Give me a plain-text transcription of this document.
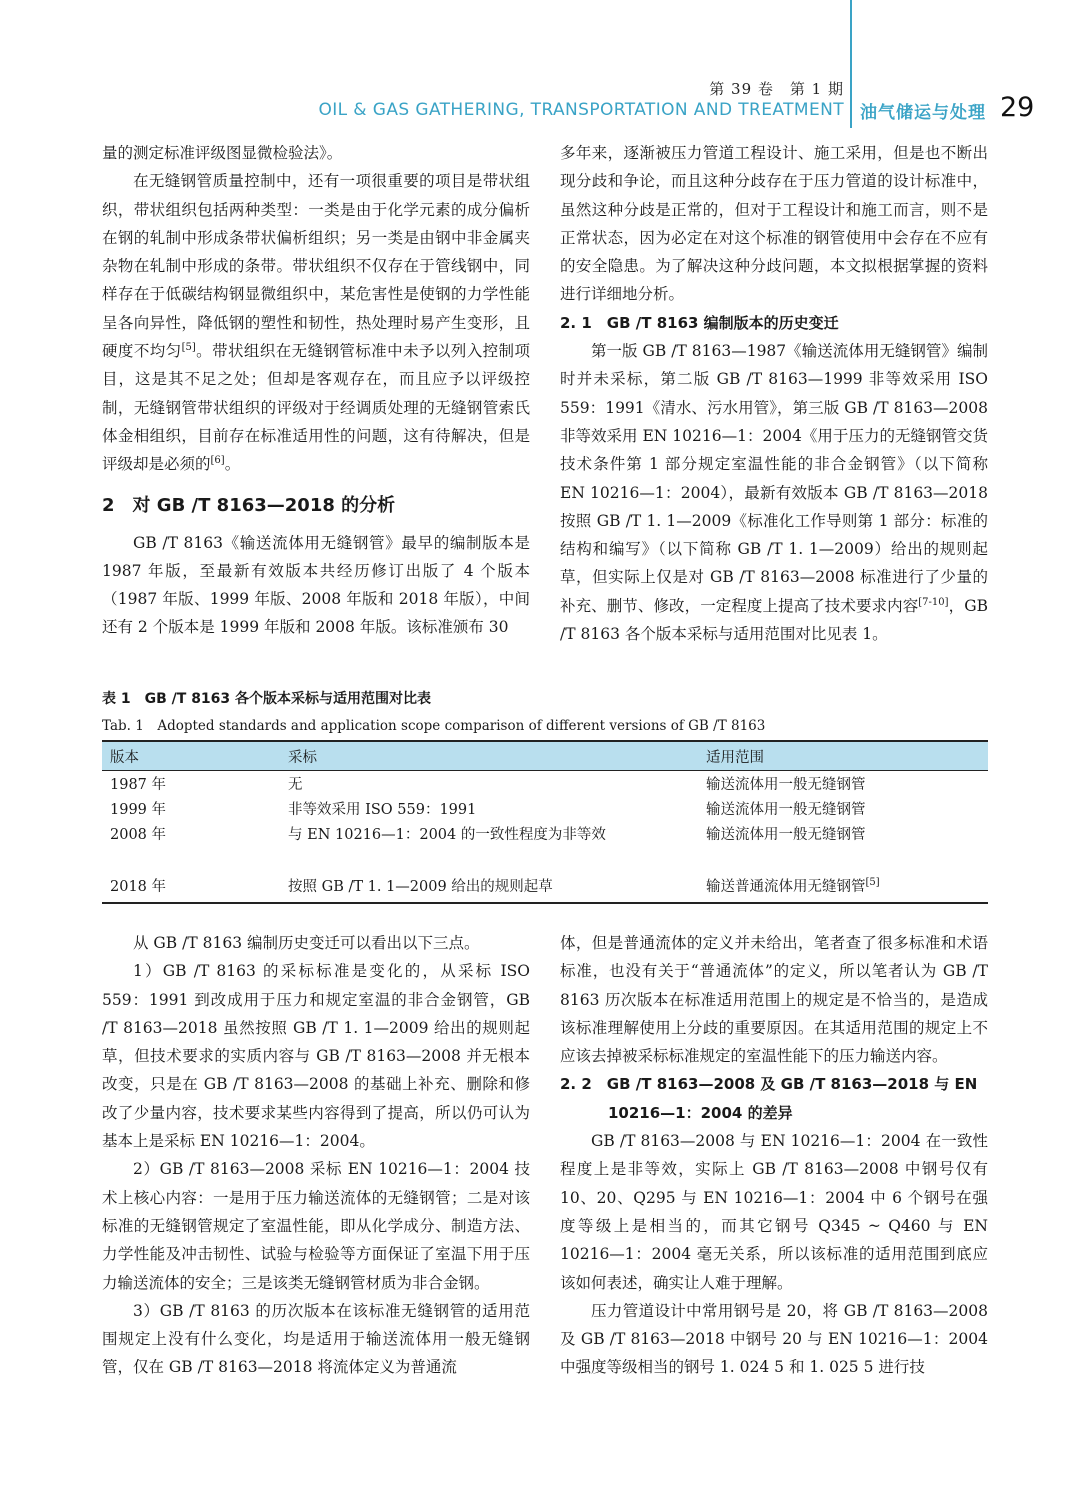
第 39 卷　第 1 期
OIL & GAS GATHERING, TRANSPORTATION AND TREATMENT 油气储运与处理 29

量的测定标准评级图显微检验法》。

在无缝钢管质量控制中，还有一项很重要的项目是带状组织，带状组织包括两种类型：一类是由于化学元素的成分偏析在钢的轧制中形成条带状偏析组织；另一类是由钢中非金属夹杂物在轧制中形成的条带。带状组织不仅存在于管线钢中，同样存在于低碳结构钢显微组织中，某危害性是使钢的力学性能呈各向异性，降低钢的塑性和韧性，热处理时易产生变形，且硬度不均匀[5]。带状组织在无缝钢管标准中未予以列入控制项目，这是其不足之处；但却是客观存在，而且应予以评级控制，无缝钢管带状组织的评级对于经调质处理的无缝钢管索氏体金相组织，目前存在标准适用性的问题，这有待解决，但是评级却是必须的[6]。

2　对 GB /T 8163—2018 的分析

GB /T 8163《输送流体用无缝钢管》最早的编制版本是 1987 年版，至最新有效版本共经历修订出版了 4 个版本（1987 年版、1999 年版、2008 年版和 2018 年版），中间还有 2 个版本是 1999 年版和 2008 年版。该标准颁布 30

多年来，逐渐被压力管道工程设计、施工采用，但是也不断出现分歧和争论，而且这种分歧存在于压力管道的设计标准中，虽然这种分歧是正常的，但对于工程设计和施工而言，则不是正常状态，因为必定在对这个标准的钢管使用中会存在不应有的安全隐患。为了解决这种分歧问题，本文拟根据掌握的资料进行详细地分析。

2. 1　GB /T 8163 编制版本的历史变迁

第一版 GB /T 8163—1987《输送流体用无缝钢管》编制时并未采标，第二版 GB /T 8163—1999 非等效采用 ISO 559：1991《清水、污水用管》，第三版 GB /T 8163—2008 非等效采用 EN 10216—1：2004《用于压力的无缝钢管交货技术条件第 1 部分规定室温性能的非合金钢管》（以下简称 EN 10216—1：2004），最新有效版本 GB /T 8163—2018 按照 GB /T 1. 1—2009《标准化工作导则第 1 部分：标准的结构和编写》（以下简称 GB /T 1. 1—2009）给出的规则起草，但实际上仅是对 GB /T 8163—2008 标准进行了少量的补充、删节、修改，一定程度上提高了技术要求内容[7-10]，GB /T 8163 各个版本采标与适用范围对比见表 1。

表 1　GB /T 8163 各个版本采标与适用范围对比表
Tab. 1　Adopted standards and application scope comparison of different versions of GB /T 8163
版本	采标	适用范围
1987 年	无	输送流体用一般无缝钢管
1999 年	非等效采用 ISO 559：1991	输送流体用一般无缝钢管
2008 年	与 EN 10216—1：2004 的一致性程度为非等效	输送流体用一般无缝钢管
2018 年	按照 GB /T 1. 1—2009 给出的规则起草	输送普通流体用无缝钢管[5]

从 GB /T 8163 编制历史变迁可以看出以下三点。

1）GB /T 8163 的采标标准是变化的，从采标 ISO 559：1991 到改成用于压力和规定室温的非合金钢管，GB /T 8163—2018 虽然按照 GB /T 1. 1—2009 给出的规则起草，但技术要求的实质内容与 GB /T 8163—2008 并无根本改变，只是在 GB /T 8163—2008 的基础上补充、删除和修改了少量内容，技术要求某些内容得到了提高，所以仍可认为基本上是采标 EN 10216—1：2004。

2）GB /T 8163—2008 采标 EN 10216—1：2004 技术上核心内容：一是用于压力输送流体的无缝钢管；二是对该标准的无缝钢管规定了室温性能，即从化学成分、制造方法、力学性能及冲击韧性、试验与检验等方面保证了室温下用于压力输送流体的安全；三是该类无缝钢管材质为非合金钢。

3）GB /T 8163 的历次版本在该标准无缝钢管的适用范围规定上没有什么变化，均是适用于输送流体用一般无缝钢管，仅在 GB /T 8163—2018 将流体定义为普通流

体，但是普通流体的定义并未给出，笔者查了很多标准和术语标准，也没有关于“普通流体”的定义，所以笔者认为 GB /T 8163 历次版本在标准适用范围上的规定是不恰当的，是造成该标准理解使用上分歧的重要原因。在其适用范围的规定上不应该去掉被采标标准规定的室温性能下的压力输送内容。

2. 2　GB /T 8163—2008 及 GB /T 8163—2018 与 EN

10216—1：2004 的差异

GB /T 8163—2008 与 EN 10216—1：2004 在一致性程度上是非等效，实际上 GB /T 8163—2008 中钢号仅有 10、20、Q295 与 EN 10216—1：2004 中 6 个钢号在强度等级上是相当的，而其它钢号 Q345 ~ Q460 与 EN 10216—1：2004 毫无关系，所以该标准的适用范围到底应该如何表述，确实让人难于理解。

压力管道设计中常用钢号是 20，将 GB /T 8163—2008 及 GB /T 8163—2018 中钢号 20 与 EN 10216—1：2004 中强度等级相当的钢号 1. 024 5 和 1. 025 5 进行技
